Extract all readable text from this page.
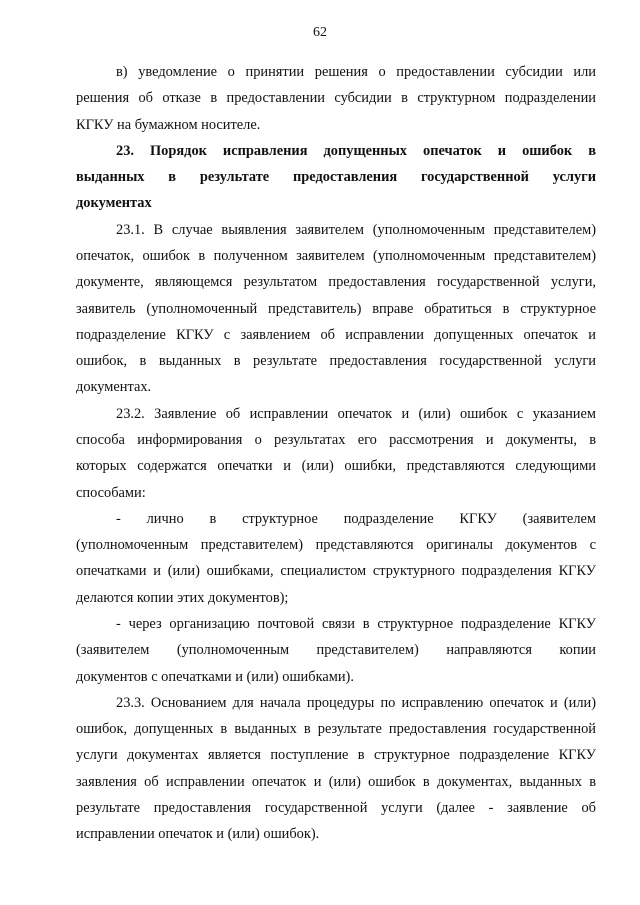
62
в) уведомление о принятии решения о предоставлении субсидии или
решения об отказе в предоставлении субсидии в структурном подразделении
КГКУ на бумажном носителе.
23. Порядок исправления допущенных опечаток и ошибок в
выданных в результате предоставления государственной услуги
документах
23.1. В случае выявления заявителем (уполномоченным представителем)
опечаток, ошибок в полученном заявителем (уполномоченным представителем)
документе, являющемся результатом предоставления государственной услуги,
заявитель (уполномоченный представитель) вправе обратиться в структурное
подразделение КГКУ с заявлением об исправлении допущенных опечаток и
ошибок, в выданных в результате предоставления государственной услуги
документах.
23.2. Заявление об исправлении опечаток и (или) ошибок с указанием
способа информирования о результатах его рассмотрения и документы, в
которых содержатся опечатки и (или) ошибки, представляются следующими
способами:
- лично в структурное подразделение КГКУ (заявителем
(уполномоченным представителем) представляются оригиналы документов с
опечатками и (или) ошибками, специалистом структурного подразделения КГКУ
делаются копии этих документов);
- через организацию почтовой связи в структурное подразделение КГКУ
(заявителем (уполномоченным представителем) направляются копии
документов с опечатками и (или) ошибками).
23.3. Основанием для начала процедуры по исправлению опечаток и (или)
ошибок, допущенных в выданных в результате предоставления государственной
услуги документах является поступление в структурное подразделение КГКУ
заявления об исправлении опечаток и (или) ошибок в документах, выданных в
результате предоставления государственной услуги (далее - заявление об
исправлении опечаток и (или) ошибок).
